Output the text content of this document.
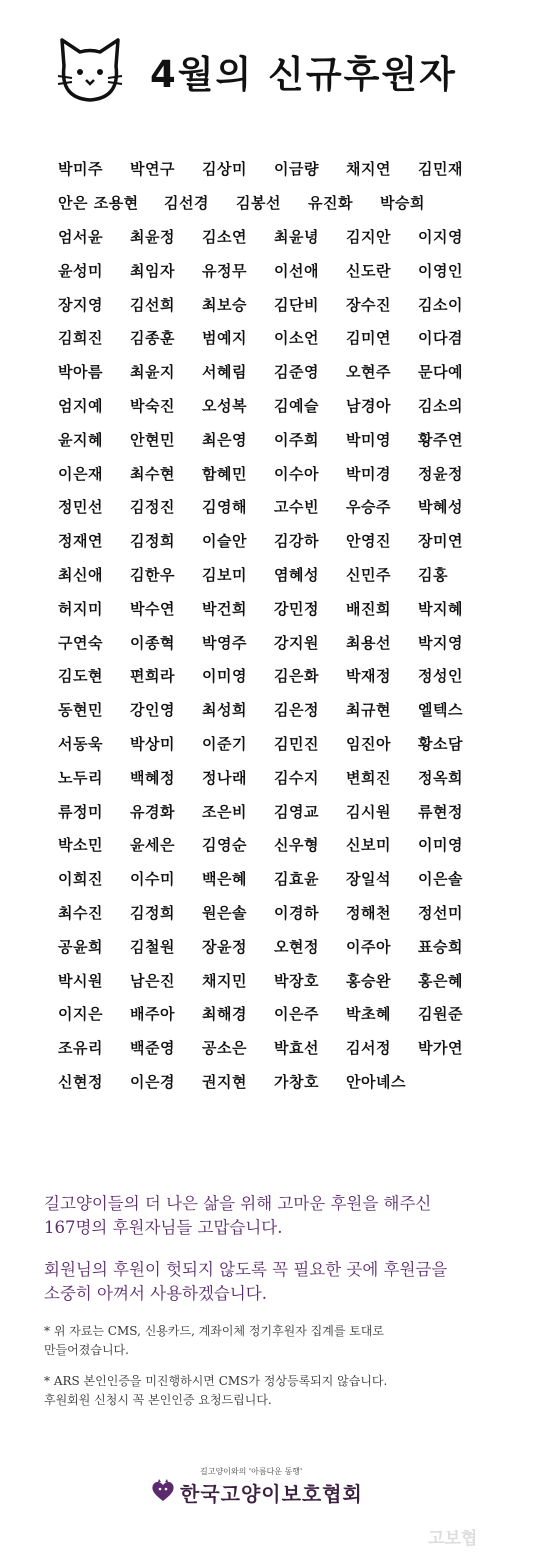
4월의 신규후원자
박미주	박연구	김상미	이금량	채지연	김민재
안은 조용현	김선경	김봉선	유진화	박승희
엄서윤	최윤정	김소연	최윤녕	김지안	이지영
윤성미	최임자	유정무	이선애	신도란	이영인
장지영	김선희	최보승	김단비	장수진	김소이
김희진	김종훈	범예지	이소언	김미연	이다겸
박아름	최윤지	서혜림	김준영	오현주	문다예
엄지예	박숙진	오성복	김예슬	남경아	김소의
윤지혜	안현민	최은영	이주희	박미영	황주연
이은재	최수현	함혜민	이수아	박미경	정윤정
정민선	김정진	김영해	고수빈	우승주	박혜성
정재연	김정희	이슬안	김강하	안영진	장미연
최신애	김한우	김보미	염혜성	신민주	김홍
허지미	박수연	박건희	강민정	배진희	박지혜
구연숙	이종혁	박영주	강지원	최용선	박지영
김도현	편희라	이미영	김은화	박재정	정성인
동현민	강인영	최성희	김은정	최규현	엘텍스
서동욱	박상미	이준기	김민진	임진아	황소담
노두리	백혜정	정나래	김수지	변희진	정옥희
류정미	유경화	조은비	김영교	김시원	류현정
박소민	윤세은	김영순	신우형	신보미	이미영
이희진	이수미	백은혜	김효윤	장일석	이은솔
최수진	김정희	원은솔	이경하	정해천	정선미
공윤희	김철원	장윤정	오현정	이주아	표승희
박시원	남은진	채지민	박장호	홍승완	홍은혜
이지은	배주아	최해경	이은주	박초혜	김원준
조유리	백준영	공소은	박효선	김서정	박가연
신현정	이은경	권지현	가창호	안아녜스
길고양이들의 더 나은 삶을 위해 고마운 후원을 해주신
167명의 후원자님들 고맙습니다.
회원님의 후원이 헛되지 않도록 꼭 필요한 곳에 후원금을
소중히 아껴서 사용하겠습니다.
* 위 자료는 CMS, 신용카드, 계좌이체 정기후원자 집계를 토대로
만들어졌습니다.
* ARS 본인인증을 미진행하시면 CMS가 정상등록되지 않습니다.
후원회원 신청시 꼭 본인인증 요청드립니다.
길고양이와의 '아름다운 동행'
한국고양이보호협회
고보협
